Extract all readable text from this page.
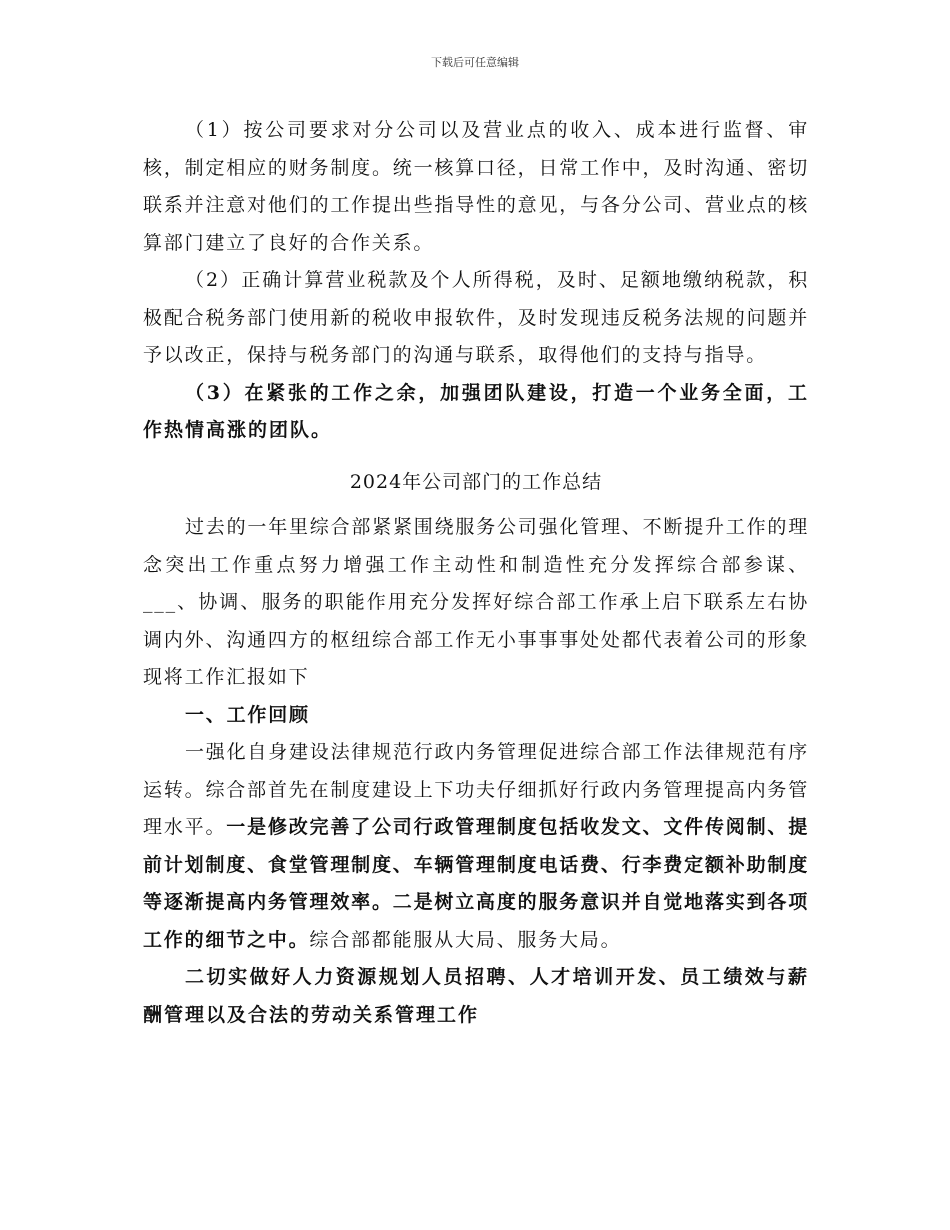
下载后可任意编辑

（1）按公司要求对分公司以及营业点的收入、成本进行监督、审核，制定相应的财务制度。统一核算口径，日常工作中，及时沟通、密切联系并注意对他们的工作提出些指导性的意见，与各分公司、营业点的核算部门建立了良好的合作关系。

（2）正确计算营业税款及个人所得税，及时、足额地缴纳税款，积极配合税务部门使用新的税收申报软件，及时发现违反税务法规的问题并予以改正，保持与税务部门的沟通与联系，取得他们的支持与指导。

（3）在紧张的工作之余，加强团队建设，打造一个业务全面，工作热情高涨的团队。

2024年公司部门的工作总结

过去的一年里综合部紧紧围绕服务公司强化管理、不断提升工作的理念突出工作重点努力增强工作主动性和制造性充分发挥综合部参谋、___、协调、服务的职能作用充分发挥好综合部工作承上启下联系左右协调内外、沟通四方的枢纽综合部工作无小事事事处处都代表着公司的形象现将工作汇报如下

一、工作回顾

一强化自身建设法律规范行政内务管理促进综合部工作法律规范有序运转。综合部首先在制度建设上下功夫仔细抓好行政内务管理提高内务管理水平。一是修改完善了公司行政管理制度包括收发文、文件传阅制、提前计划制度、食堂管理制度、车辆管理制度电话费、行李费定额补助制度等逐渐提高内务管理效率。二是树立高度的服务意识并自觉地落实到各项工作的细节之中。综合部都能服从大局、服务大局。

二切实做好人力资源规划人员招聘、人才培训开发、员工绩效与薪酬管理以及合法的劳动关系管理工作
